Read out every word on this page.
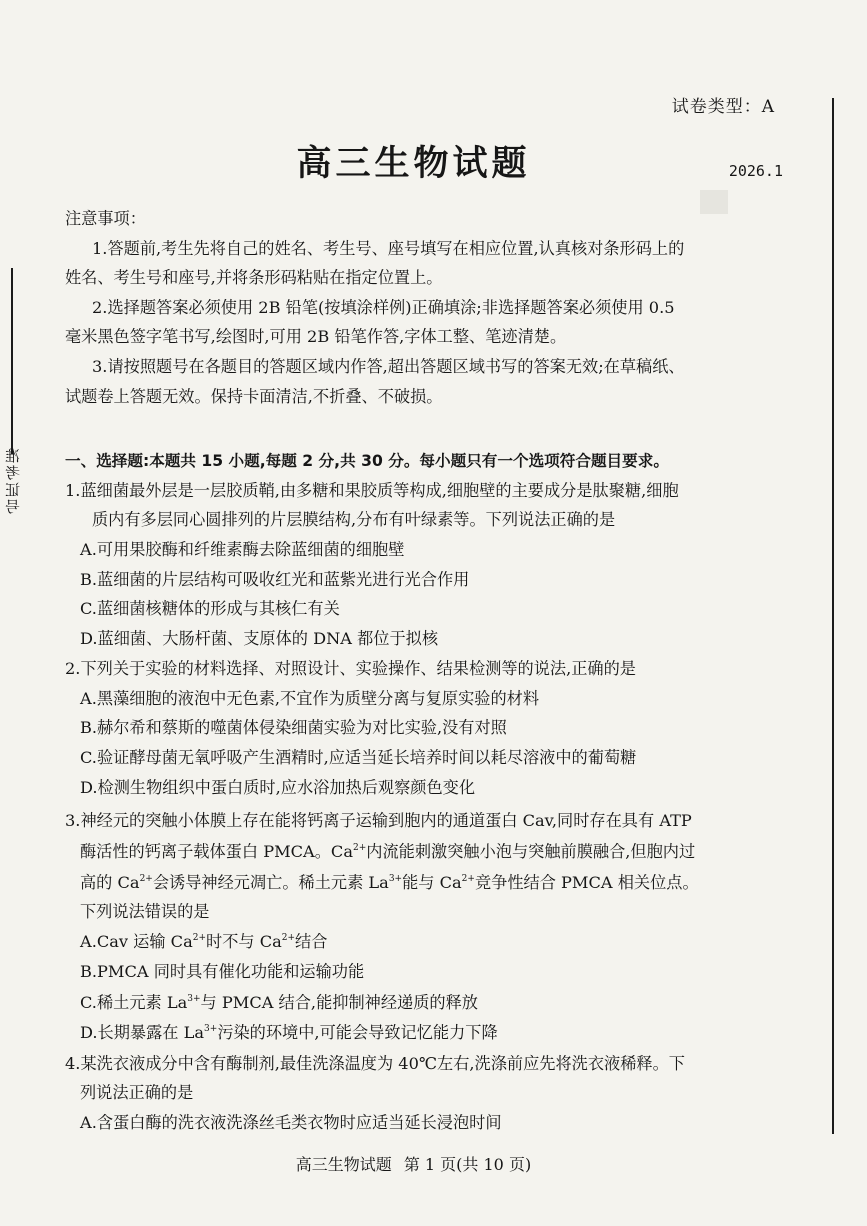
准考证号
试卷类型：A
高三生物试题	2026.1
注意事项：
1.答题前,考生先将自己的姓名、考生号、座号填写在相应位置,认真核对条形码上的
姓名、考生号和座号,并将条形码粘贴在指定位置上。
2.选择题答案必须使用 2B 铅笔(按填涂样例)正确填涂;非选择题答案必须使用 0.5
毫米黑色签字笔书写,绘图时,可用 2B 铅笔作答,字体工整、笔迹清楚。
3.请按照题号在各题目的答题区域内作答,超出答题区域书写的答案无效;在草稿纸、
试题卷上答题无效。保持卡面清洁,不折叠、不破损。
一、选择题:本题共 15 小题,每题 2 分,共 30 分。每小题只有一个选项符合题目要求。
1.蓝细菌最外层是一层胶质鞘,由多糖和果胶质等构成,细胞壁的主要成分是肽聚糖,细胞
质内有多层同心圆排列的片层膜结构,分布有叶绿素等。下列说法正确的是
A.可用果胶酶和纤维素酶去除蓝细菌的细胞壁
B.蓝细菌的片层结构可吸收红光和蓝紫光进行光合作用
C.蓝细菌核糖体的形成与其核仁有关
D.蓝细菌、大肠杆菌、支原体的 DNA 都位于拟核
2.下列关于实验的材料选择、对照设计、实验操作、结果检测等的说法,正确的是
A.黑藻细胞的液泡中无色素,不宜作为质壁分离与复原实验的材料
B.赫尔希和蔡斯的噬菌体侵染细菌实验为对比实验,没有对照
C.验证酵母菌无氧呼吸产生酒精时,应适当延长培养时间以耗尽溶液中的葡萄糖
D.检测生物组织中蛋白质时,应水浴加热后观察颜色变化
3.神经元的突触小体膜上存在能将钙离子运输到胞内的通道蛋白 Cav,同时存在具有 ATP
酶活性的钙离子载体蛋白 PMCA。$Ca^{2+}$内流能刺激突触小泡与突触前膜融合,但胞内过
高的 $Ca^{2+}$会诱导神经元凋亡。稀土元素 $La^{3+}$能与 $Ca^{2+}$竞争性结合 PMCA 相关位点。
下列说法错误的是
A.Cav 运输 $Ca^{2+}$时不与 $Ca^{2+}$结合
B.PMCA 同时具有催化功能和运输功能
C.稀土元素 $La^{3+}$与 PMCA 结合,能抑制神经递质的释放
D.长期暴露在 $La^{3+}$污染的环境中,可能会导致记忆能力下降
4.某洗衣液成分中含有酶制剂,最佳洗涤温度为 40℃左右,洗涤前应先将洗衣液稀释。下
列说法正确的是
A.含蛋白酶的洗衣液洗涤丝毛类衣物时应适当延长浸泡时间
高三生物试题 第 1 页(共 10 页)
